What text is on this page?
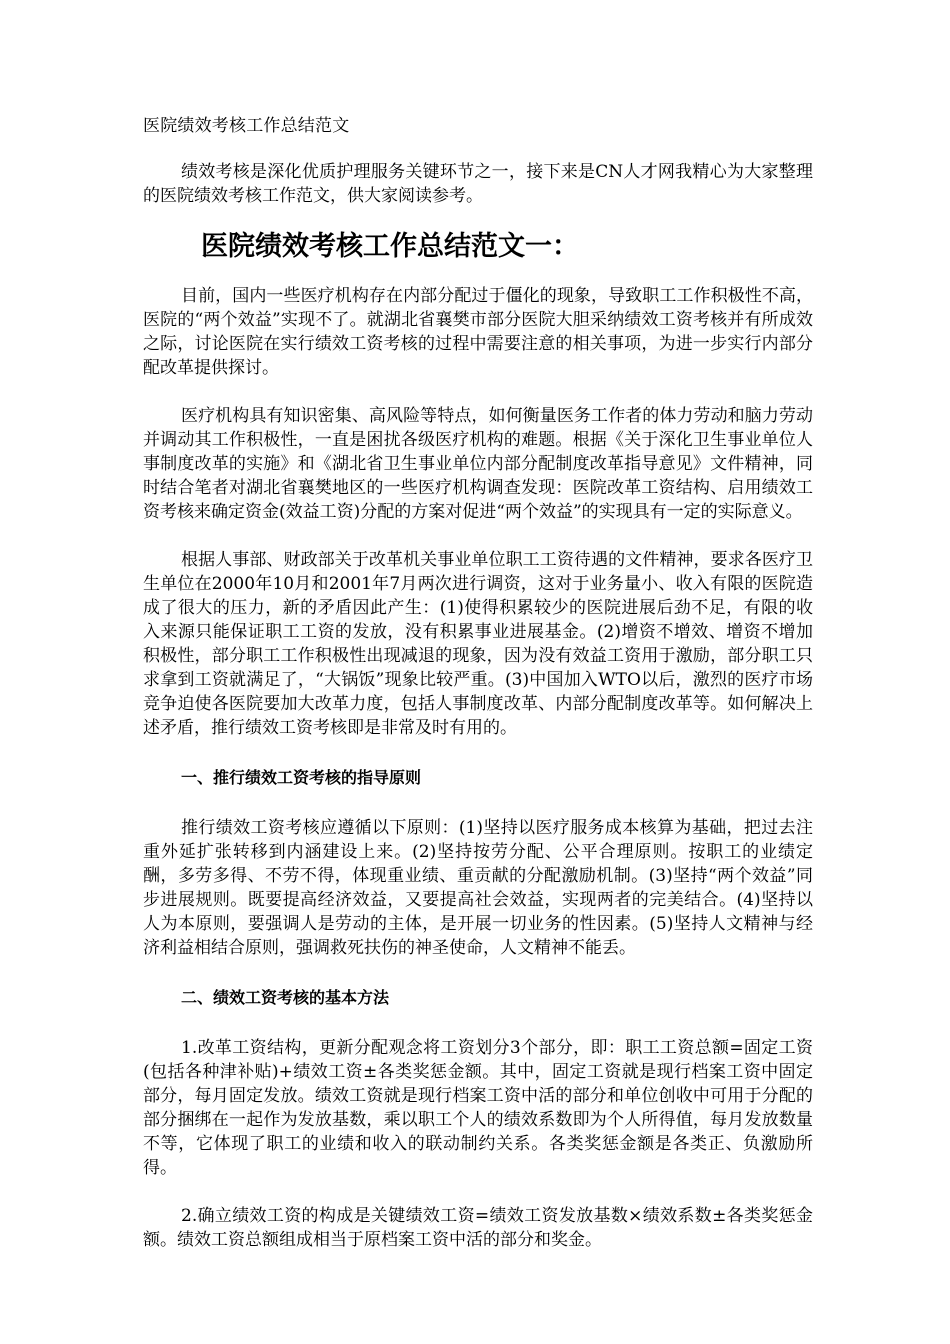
医院绩效考核工作总结范文

绩效考核是深化优质护理服务关键环节之一，接下来是CN人才网我精心为大家整理的医院绩效考核工作范文，供大家阅读参考。

医院绩效考核工作总结范文一：

目前，国内一些医疗机构存在内部分配过于僵化的现象，导致职工工作积极性不高，医院的“两个效益”实现不了。就湖北省襄樊市部分医院大胆采纳绩效工资考核并有所成效之际，讨论医院在实行绩效工资考核的过程中需要注意的相关事项，为进一步实行内部分配改革提供探讨。

医疗机构具有知识密集、高风险等特点，如何衡量医务工作者的体力劳动和脑力劳动并调动其工作积极性，一直是困扰各级医疗机构的难题。根据《关于深化卫生事业单位人事制度改革的实施》和《湖北省卫生事业单位内部分配制度改革指导意见》文件精神，同时结合笔者对湖北省襄樊地区的一些医疗机构调查发现：医院改革工资结构、启用绩效工资考核来确定资金(效益工资)分配的方案对促进“两个效益”的实现具有一定的实际意义。

根据人事部、财政部关于改革机关事业单位职工工资待遇的文件精神，要求各医疗卫生单位在2000年10月和2001年7月两次进行调资，这对于业务量小、收入有限的医院造成了很大的压力，新的矛盾因此产生：(1)使得积累较少的医院进展后劲不足，有限的收入来源只能保证职工工资的发放，没有积累事业进展基金。(2)增资不增效、增资不增加积极性，部分职工工作积极性出现减退的现象，因为没有效益工资用于激励，部分职工只求拿到工资就满足了，“大锅饭”现象比较严重。(3)中国加入WTO以后，激烈的医疗市场竞争迫使各医院要加大改革力度，包括人事制度改革、内部分配制度改革等。如何解决上述矛盾，推行绩效工资考核即是非常及时有用的。

一、推行绩效工资考核的指导原则

推行绩效工资考核应遵循以下原则：(1)坚持以医疗服务成本核算为基础，把过去注重外延扩张转移到内涵建设上来。(2)坚持按劳分配、公平合理原则。按职工的业绩定酬，多劳多得、不劳不得，体现重业绩、重贡献的分配激励机制。(3)坚持“两个效益”同步进展规则。既要提高经济效益，又要提高社会效益，实现两者的完美结合。(4)坚持以人为本原则，要强调人是劳动的主体，是开展一切业务的性因素。(5)坚持人文精神与经济利益相结合原则，强调救死扶伤的神圣使命，人文精神不能丢。

二、绩效工资考核的基本方法

1.改革工资结构，更新分配观念将工资划分3个部分，即：职工工资总额=固定工资(包括各种津补贴)+绩效工资±各类奖惩金额。其中，固定工资就是现行档案工资中固定部分，每月固定发放。绩效工资就是现行档案工资中活的部分和单位创收中可用于分配的部分捆绑在一起作为发放基数，乘以职工个人的绩效系数即为个人所得值，每月发放数量不等，它体现了职工的业绩和收入的联动制约关系。各类奖惩金额是各类正、负激励所得。

2.确立绩效工资的构成是关键绩效工资=绩效工资发放基数×绩效系数±各类奖惩金额。绩效工资总额组成相当于原档案工资中活的部分和奖金。
